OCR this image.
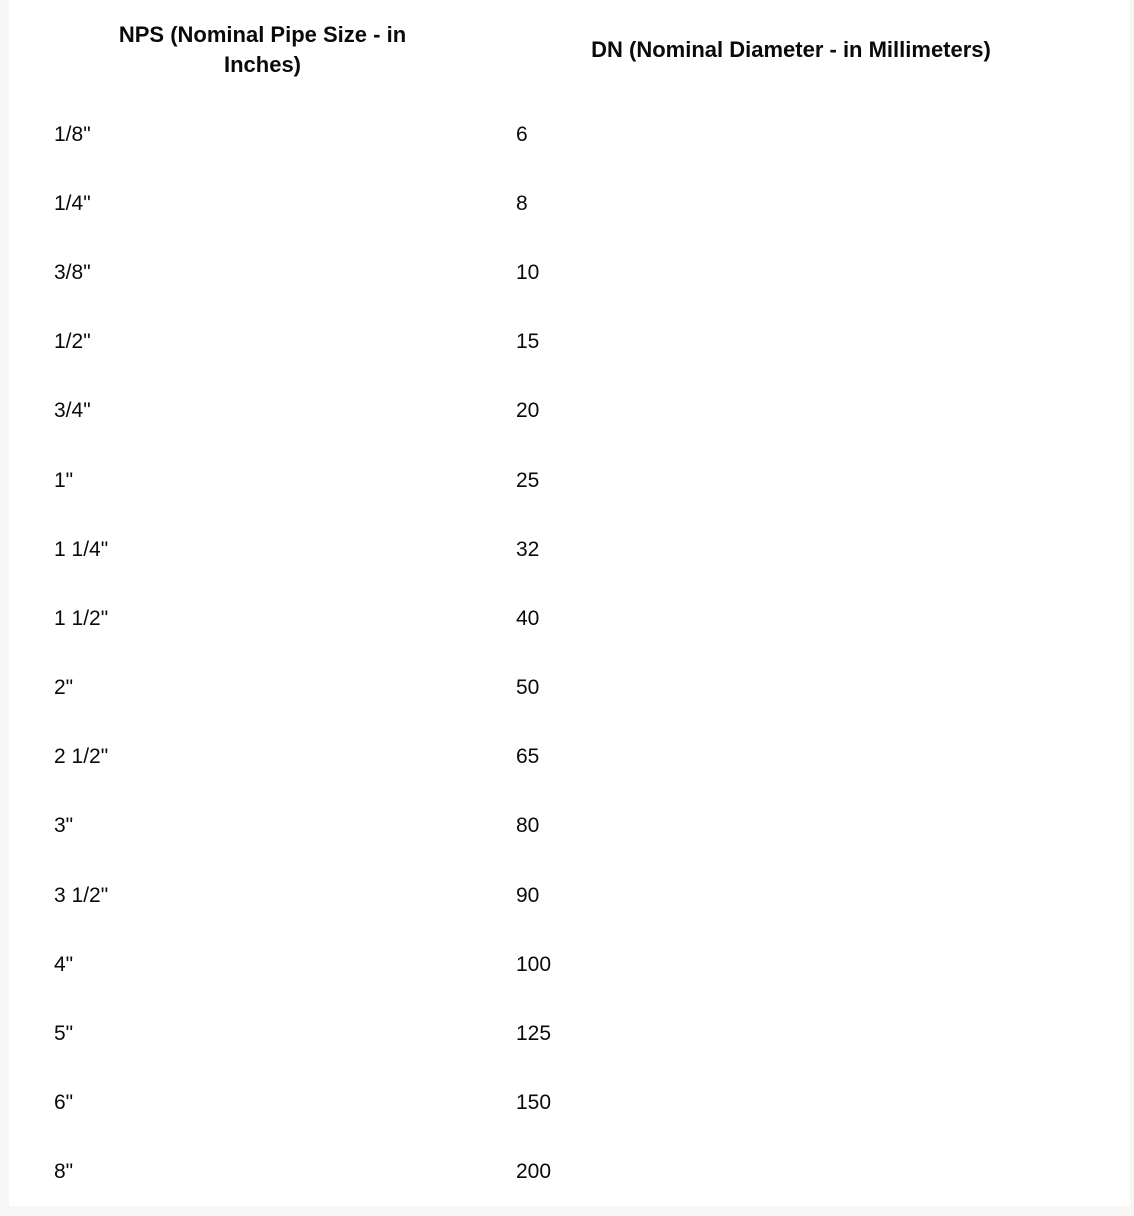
NPS (Nominal Pipe Size - in
Inches)	DN (Nominal Diameter - in Millimeters)

1/8"	6
1/4"	8
3/8"	10
1/2"	15
3/4"	20
1"	25
1 1/4"	32
1 1/2"	40
2"	50
2 1/2"	65
3"	80
3 1/2"	90
4"	100
5"	125
6"	150
8"	200
